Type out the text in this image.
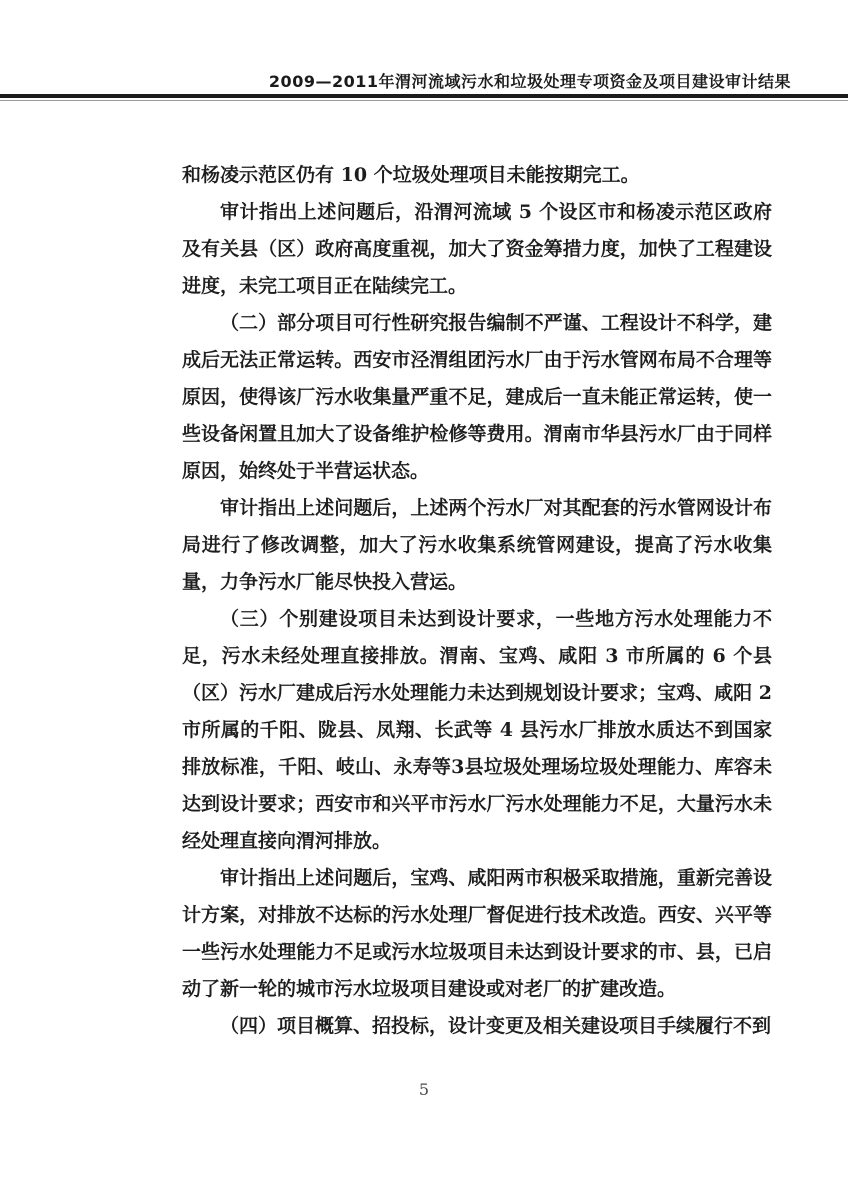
2009—2011年渭河流域污水和垃圾处理专项资金及项目建设审计结果

和杨凌示范区仍有 10 个垃圾处理项目未能按期完工。

审计指出上述问题后，沿渭河流域 5 个设区市和杨凌示范区政府及有关县（区）政府高度重视，加大了资金筹措力度，加快了工程建设进度，未完工项目正在陆续完工。

（二）部分项目可行性研究报告编制不严谨、工程设计不科学，建成后无法正常运转。西安市泾渭组团污水厂由于污水管网布局不合理等原因，使得该厂污水收集量严重不足，建成后一直未能正常运转，使一些设备闲置且加大了设备维护检修等费用。渭南市华县污水厂由于同样原因，始终处于半营运状态。

审计指出上述问题后，上述两个污水厂对其配套的污水管网设计布局进行了修改调整，加大了污水收集系统管网建设，提高了污水收集量，力争污水厂能尽快投入营运。

（三）个别建设项目未达到设计要求，一些地方污水处理能力不足，污水未经处理直接排放。渭南、宝鸡、咸阳 3 市所属的 6 个县（区）污水厂建成后污水处理能力未达到规划设计要求；宝鸡、咸阳 2 市所属的千阳、陇县、凤翔、长武等 4 县污水厂排放水质达不到国家排放标准，千阳、岐山、永寿等3县垃圾处理场垃圾处理能力、库容未达到设计要求；西安市和兴平市污水厂污水处理能力不足，大量污水未经处理直接向渭河排放。

审计指出上述问题后，宝鸡、咸阳两市积极采取措施，重新完善设计方案，对排放不达标的污水处理厂督促进行技术改造。西安、兴平等一些污水处理能力不足或污水垃圾项目未达到设计要求的市、县，已启动了新一轮的城市污水垃圾项目建设或对老厂的扩建改造。

（四）项目概算、招投标，设计变更及相关建设项目手续履行不到

5
